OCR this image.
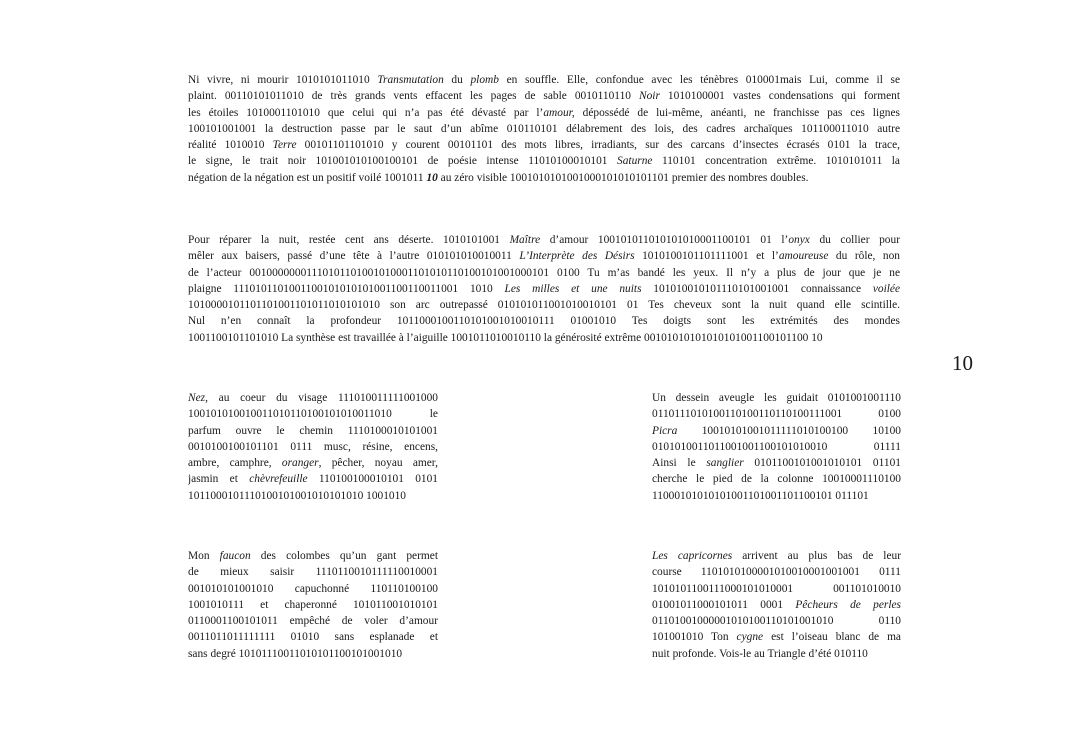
Ni vivre, ni mourir 1010101011010 Transmutation du plomb en souffle. Elle, confondue avec les ténèbres 010001mais Lui, comme il se
plaint. 00110101011010 de très grands vents effacent les pages de sable 0010110110 Noir 1010100001 vastes condensations qui forment
les étoiles 1010001101010 que celui qui n’a pas été dévasté par l’amour, dépossédé de lui-même, anéanti, ne franchisse pas ces lignes
100101001001 la destruction passe par le saut d’un abîme 010110101 délabrement des lois, des cadres archaïques 101100011010 autre
réalité 1010010 Terre 00101101101010 y courent 00101101 des mots libres, irradiants, sur des carcans d’insectes écrasés 0101 la trace,
le signe, le trait noir 101001010100100101 de poésie intense 11010100010101 Saturne 110101 concentration extrême. 1010101011 la
négation de la négation est un positif voilé 1001011 10 au zéro visible 1001010101001000101010101101 premier des nombres doubles.
Pour réparer la nuit, restée cent ans déserte. 1010101001 Maître d’amour 100101011010101010001100101 01 l’onyx du collier pour
mêler aux baisers, passé d’une tête à l’autre 010101010010011 L’Interprète des Désirs 1010100101101111001 et l’amoureuse du rôle, non
de l’acteur 00100000001110101101001010001101010110100101001000101 0100 Tu m’as bandé les yeux. Il n’y a plus de jour que je ne
plaigne 1110101101001100101010101001100110011001 1010 Les milles et une nuits 101010010101110101001001 connaissance voilée
1010000101101101001101011010101010 son arc outrepassé 010101011001010010101 01 Tes cheveux sont la nuit quand elle scintille.
Nul n’en connaît la profondeur 1011000100110101001010010111 01001010 Tes doigts sont les extrémités des mondes
1001100101101010 La synthèse est travaillée à l’aiguille 1001011010010110 la générosité extrême 00101010101010101001100101100 10
10
Nez, au coeur du visage 111010011111001000
100101010010011010110100101010011010 le
parfum ouvre le chemin 1110100010101001
0010100100101101 0111 musc, résine, encens,
ambre, camphre, oranger, pêcher, noyau amer,
jasmin et chèvrefeuille 110100100010101 0101
1011000101110100101001010101010 1001010
Un dessein aveugle les guidait 0101001001110
0110111010100110100110110100111001 0100
Picra 10010101001011111010100100 10100
0101010011011001001100101010010 01111
Ainsi le sanglier 0101100101001010101 01101
cherche le pied de la colonne 10010001110100
11000101010101001101001101100101 011101
Mon faucon des colombes qu’un gant permet
de mieux saisir 1110110010111110010001
001010101001010 capuchonné 110110100100
1001010111 et chaperonné 101011001010101
0110001100101011 empêché de voler d’amour
0011011011111111 01010 sans esplanade et
sans degré 10101110011010101100101001010
Les capricornes arrivent au plus bas de leur
course 1101010100001010010001001001 0111
1010101100111000101010001 001101010010
01001011000101011 0001 Pêcheurs de perles
01101001000001010100110101001010 0110
101001010 Ton cygne est l’oiseau blanc de ma
nuit profonde. Vois-le au Triangle d’été 010110
